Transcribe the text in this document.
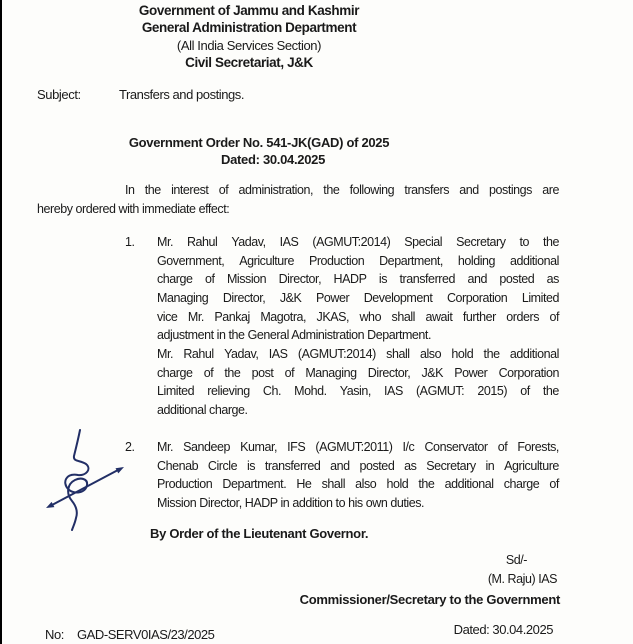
Government of Jammu and Kashmir
General Administration Department
(All India Services Section)
Civil Secretariat, J&K
Subject:	Transfers and postings.
Government Order No. 541-JK(GAD) of 2025
Dated: 30.04.2025
In the interest of administration, the following transfers and postings are
hereby ordered with immediate effect:
1. Mr. Rahul Yadav, IAS (AGMUT:2014) Special Secretary to the
Government, Agriculture Production Department, holding additional
charge of Mission Director, HADP is transferred and posted as
Managing Director, J&K Power Development Corporation Limited
vice Mr. Pankaj Magotra, JKAS, who shall await further orders of
adjustment in the General Administration Department.
Mr. Rahul Yadav, IAS (AGMUT:2014) shall also hold the additional
charge of the post of Managing Director, J&K Power Corporation
Limited relieving Ch. Mohd. Yasin, IAS (AGMUT: 2015) of the
additional charge.
2. Mr. Sandeep Kumar, IFS (AGMUT:2011) I/c Conservator of Forests,
Chenab Circle is transferred and posted as Secretary in Agriculture
Production Department. He shall also hold the additional charge of
Mission Director, HADP in addition to his own duties.
By Order of the Lieutenant Governor.
Sd/-
(M. Raju) IAS
Commissioner/Secretary to the Government
No: GAD-SERV0IAS/23/2025	Dated: 30.04.2025
